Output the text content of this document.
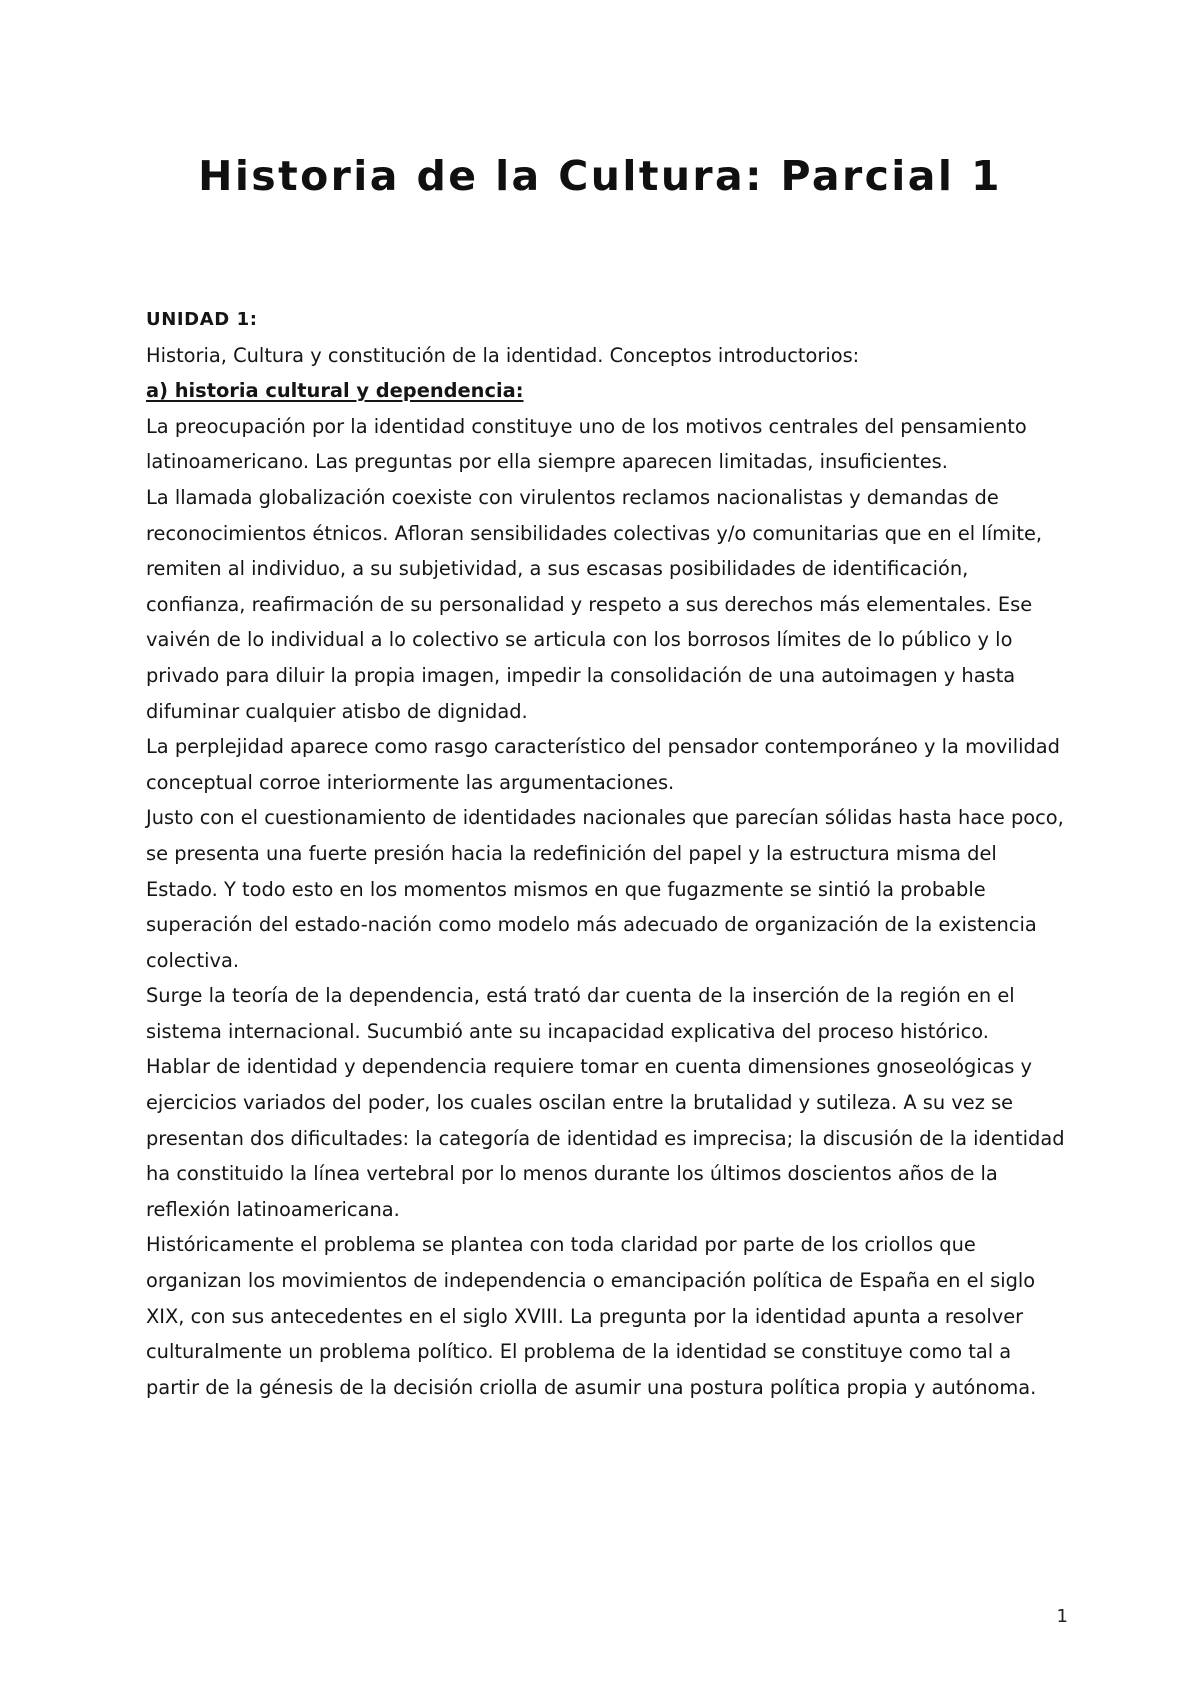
Historia de la Cultura: Parcial 1
UNIDAD 1:

Historia, Cultura y constitución de la identidad. Conceptos introductorios:

a) historia cultural y dependencia:

La preocupación por la identidad constituye uno de los motivos centrales del pensamiento latinoamericano. Las preguntas por ella siempre aparecen limitadas, insuficientes.

La llamada globalización coexiste con virulentos reclamos nacionalistas y demandas de reconocimientos étnicos. Afloran sensibilidades colectivas y/o comunitarias que en el límite, remiten al individuo, a su subjetividad, a sus escasas posibilidades de identificación, confianza, reafirmación de su personalidad y respeto a sus derechos más elementales. Ese vaivén de lo individual a lo colectivo se articula con los borrosos límites de lo público y lo privado para diluir la propia imagen, impedir la consolidación de una autoimagen y hasta difuminar cualquier atisbo de dignidad.

La perplejidad aparece como rasgo característico del pensador contemporáneo y la movilidad conceptual corroe interiormente las argumentaciones.

Justo con el cuestionamiento de identidades nacionales que parecían sólidas hasta hace poco, se presenta una fuerte presión hacia la redefinición del papel y la estructura misma del Estado. Y todo esto en los momentos mismos en que fugazmente se sintió la probable superación del estado-nación como modelo más adecuado de organización de la existencia colectiva.

Surge la teoría de la dependencia, está trató dar cuenta de la inserción de la región en el sistema internacional. Sucumbió ante su incapacidad explicativa del proceso histórico.

Hablar de identidad y dependencia requiere tomar en cuenta dimensiones gnoseológicas y ejercicios variados del poder, los cuales oscilan entre la brutalidad y sutileza. A su vez se presentan dos dificultades: la categoría de identidad es imprecisa; la discusión de la identidad ha constituido la línea vertebral por lo menos durante los últimos doscientos años de la reflexión latinoamericana.

Históricamente el problema se plantea con toda claridad por parte de los criollos que organizan los movimientos de independencia o emancipación política de España en el siglo XIX, con sus antecedentes en el siglo XVIII. La pregunta por la identidad apunta a resolver culturalmente un problema político. El problema de la identidad se constituye como tal a partir de la génesis de la decisión criolla de asumir una postura política propia y autónoma.

1
